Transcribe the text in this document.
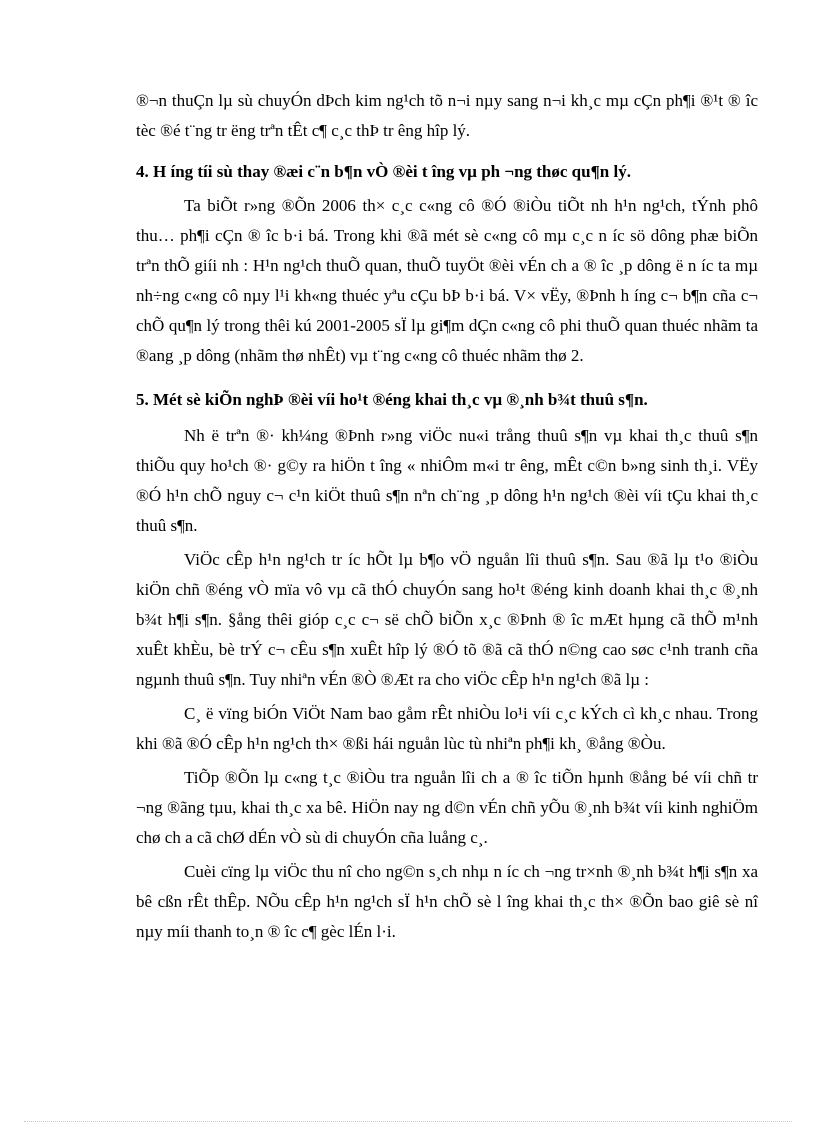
®¬n thuÇn lµ sù chuyÓn dÞch kim ng¹ch tõ n¬i nµy sang n¬i kh¸c mµ cÇn ph¶i ®¹t ® îc tèc ®é t¨ng tr ëng trªn tÊt c¶ c¸c thÞ tr êng hîp lý.

4. H íng tíi sù thay ®æi c¨n b¶n vÒ ®èi t îng vµ ph ¬ng thøc qu¶n lý.

Ta biÕt r»ng ®Õn 2006 th× c¸c c«ng cô ®Ó ®iÒu tiÕt nh h¹n ng¹ch, tÝnh phô thu… ph¶i cÇn ® îc b·i bá. Trong khi ®ã mét sè c«ng cô mµ c¸c n íc sö dông phæ biÕn trªn thÕ giíi nh : H¹n ng¹ch thuÕ quan, thuÕ tuyÖt ®èi vÉn ch a ® îc ¸p dông ë n íc ta mµ nh÷ng c«ng cô nµy l¹i kh«ng thuéc yªu cÇu bÞ b·i bá. V× vËy, ®Þnh h íng c¬ b¶n cña c¬ chÕ qu¶n lý trong thêi kú 2001-2005 sÏ lµ gi¶m dÇn c«ng cô phi thuÕ quan thuéc nhãm ta ®ang ¸p dông (nhãm thø nhÊt) vµ t¨ng c«ng cô thuéc nhãm thø 2.

5. Mét sè kiÕn nghÞ ®èi víi ho¹t ®éng khai th¸c vµ ®¸nh b¾t thuû s¶n.

Nh ë trªn ®· kh¼ng ®Þnh r»ng viÖc nu«i trång thuû s¶n vµ khai th¸c thuû s¶n thiÕu quy ho¹ch ®· g©y ra hiÖn t îng « nhiÔm m«i tr êng, mÊt c©n b»ng sinh th¸i. VËy ®Ó h¹n chÕ nguy c¬ c¹n kiÖt thuû s¶n nªn ch¨ng ¸p dông h¹n ng¹ch ®èi víi tÇu khai th¸c thuû s¶n.

ViÖc cÊp h¹n ng¹ch tr íc hÕt lµ b¶o vÖ nguån lîi thuû s¶n. Sau ®ã lµ t¹o ®iÒu kiÖn chñ ®éng vÒ mïa vô vµ cã thÓ chuyÓn sang ho¹t ®éng kinh doanh khai th¸c ®¸nh b¾t h¶i s¶n. §ång thêi gióp c¸c c¬ së chÕ biÕn x¸c ®Þnh ® îc mÆt hµng cã thÕ m¹nh xuÊt khÈu, bè trÝ c¬ cÊu s¶n xuÊt hîp lý ®Ó tõ ®ã cã thÓ n©ng cao søc c¹nh tranh cña ngµnh thuû s¶n. Tuy nhiªn vÉn ®Ò ®Æt ra cho viÖc cÊp h¹n ng¹ch ®ã lµ :

C¸ ë vïng biÓn ViÖt Nam bao gåm rÊt nhiÒu lo¹i víi c¸c kÝch cì kh¸c nhau. Trong khi ®ã ®Ó cÊp h¹n ng¹ch th× ®ßi hái nguån lùc tù nhiªn ph¶i kh¸ ®ång ®Òu.

TiÕp ®Õn lµ c«ng t¸c ®iÒu tra nguån lîi ch a ® îc tiÕn hµnh ®ång bé víi chñ tr ¬ng ®ãng tµu, khai th¸c xa bê. HiÖn nay ng d©n vÉn chñ yÕu ®¸nh b¾t víi kinh nghiÖm chø ch a cã chØ dÉn vÒ sù di chuyÓn cña luång c¸.

Cuèi cïng lµ viÖc thu nî cho ng©n s¸ch nhµ n íc ch ¬ng tr×nh ®¸nh b¾t h¶i s¶n xa bê cßn rÊt thÊp. NÕu cÊp h¹n ng¹ch sÏ h¹n chÕ sè l îng khai th¸c th× ®Õn bao giê sè nî nµy míi thanh to¸n ® îc c¶ gèc lÉn l·i.
